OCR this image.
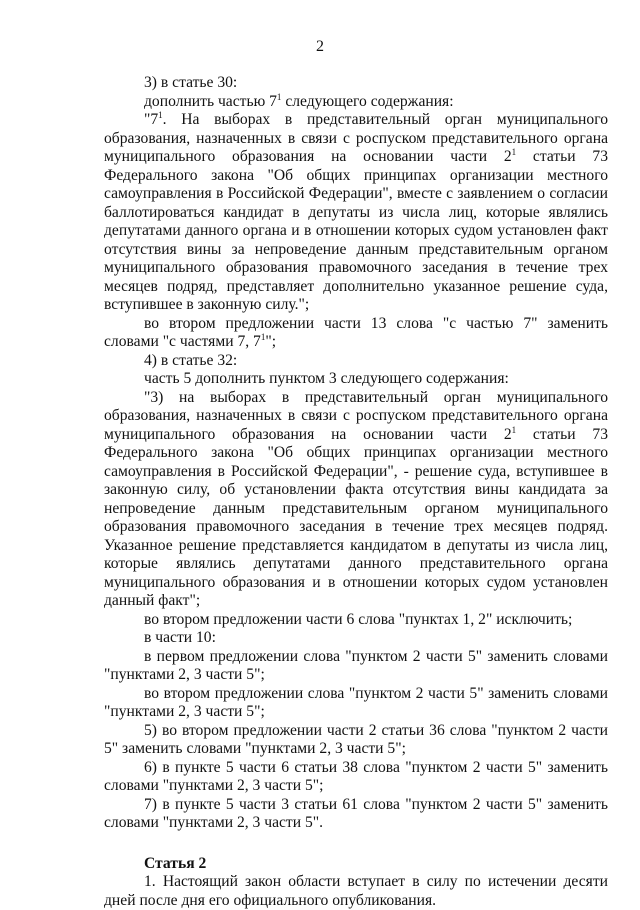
2

3) в статье 30:

дополнить частью $7^1$ следующего содержания:

"$7^1$. На выборах в представительный орган муниципального образования, назначенных в связи с роспуском представительного органа муниципального образования на основании части $2^1$ статьи 73 Федерального закона "Об общих принципах организации местного самоуправления в Российской Федерации", вместе с заявлением о согласии баллотироваться кандидат в депутаты из числа лиц, которые являлись депутатами данного органа и в отношении которых судом установлен факт отсутствия вины за непроведение данным представительным органом муниципального образования правомочного заседания в течение трех месяцев подряд, представляет дополнительно указанное решение суда, вступившее в законную силу.";

во втором предложении части 13 слова "с частью 7" заменить словами "с частями 7, $7^1$";

4) в статье 32:

часть 5 дополнить пунктом 3 следующего содержания:

"3) на выборах в представительный орган муниципального образования, назначенных в связи с роспуском представительного органа муниципального образования на основании части $2^1$ статьи 73 Федерального закона "Об общих принципах организации местного самоуправления в Российской Федерации", - решение суда, вступившее в законную силу, об установлении факта отсутствия вины кандидата за непроведение данным представительным органом муниципального образования правомочного заседания в течение трех месяцев подряд. Указанное решение представляется кандидатом в депутаты из числа лиц, которые являлись депутатами данного представительного органа муниципального образования и в отношении которых судом установлен данный факт";

во втором предложении части 6 слова "пунктах 1, 2" исключить;

в части 10:

в первом предложении слова "пунктом 2 части 5" заменить словами "пунктами 2, 3 части 5";

во втором предложении слова "пунктом 2 части 5" заменить словами "пунктами 2, 3 части 5";

5) во втором предложении части 2 статьи 36 слова "пунктом 2 части 5" заменить словами "пунктами 2, 3 части 5";

6) в пункте 5 части 6 статьи 38 слова "пунктом 2 части 5" заменить словами "пунктами 2, 3 части 5";

7) в пункте 5 части 3 статьи 61 слова "пунктом 2 части 5" заменить словами "пунктами 2, 3 части 5".

Статья 2

1. Настоящий закон области вступает в силу по истечении десяти дней после дня его официального опубликования.
